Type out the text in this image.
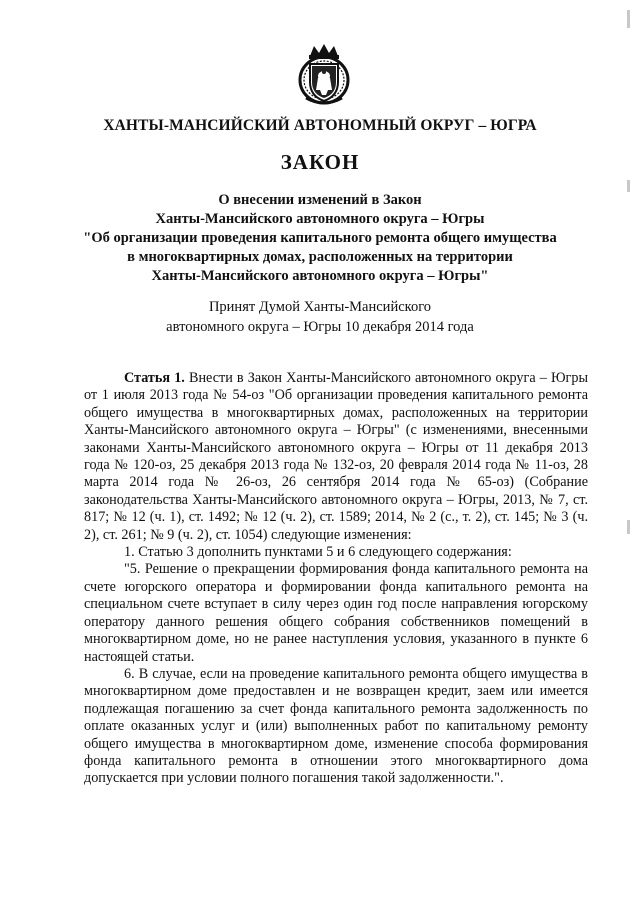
ХАНТЫ-МАНСИЙСКИЙ АВТОНОМНЫЙ ОКРУГ – ЮГРА
ЗАКОН
О внесении изменений в Закон
Ханты-Мансийского автономного округа – Югры
"Об организации проведения капитального ремонта общего имущества
в многоквартирных домах, расположенных на территории
Ханты-Мансийского автономного округа – Югры"
Принят Думой Ханты-Мансийского
автономного округа – Югры 10 декабря 2014 года

Статья 1. Внести в Закон Ханты-Мансийского автономного округа – Югры от 1 июля 2013 года № 54-оз "Об организации проведения капитального ремонта общего имущества в многоквартирных домах, расположенных на территории Ханты-Мансийского автономного округа – Югры" (с изменениями, внесенными законами Ханты-Мансийского автономного округа – Югры от 11 декабря 2013 года № 120-оз, 25 декабря 2013 года № 132-оз, 20 февраля 2014 года № 11-оз, 28 марта 2014 года № 26-оз, 26 сентября 2014 года № 65-оз) (Собрание законодательства Ханты-Мансийского автономного округа – Югры, 2013, № 7, ст. 817; № 12 (ч. 1), ст. 1492; № 12 (ч. 2), ст. 1589; 2014, № 2 (с., т. 2), ст. 145; № 3 (ч. 2), ст. 261; № 9 (ч. 2), ст. 1054) следующие изменения:

1. Статью 3 дополнить пунктами 5 и 6 следующего содержания:

"5. Решение о прекращении формирования фонда капитального ремонта на счете югорского оператора и формировании фонда капитального ремонта на специальном счете вступает в силу через один год после направления югорскому оператору данного решения общего собрания собственников помещений в многоквартирном доме, но не ранее наступления условия, указанного в пункте 6 настоящей статьи.

6. В случае, если на проведение капитального ремонта общего имущества в многоквартирном доме предоставлен и не возвращен кредит, заем или имеется подлежащая погашению за счет фонда капитального ремонта задолженность по оплате оказанных услуг и (или) выполненных работ по капитальному ремонту общего имущества в многоквартирном доме, изменение способа формирования фонда капитального ремонта в отношении этого многоквартирного дома допускается при условии полного погашения такой задолженности.".
